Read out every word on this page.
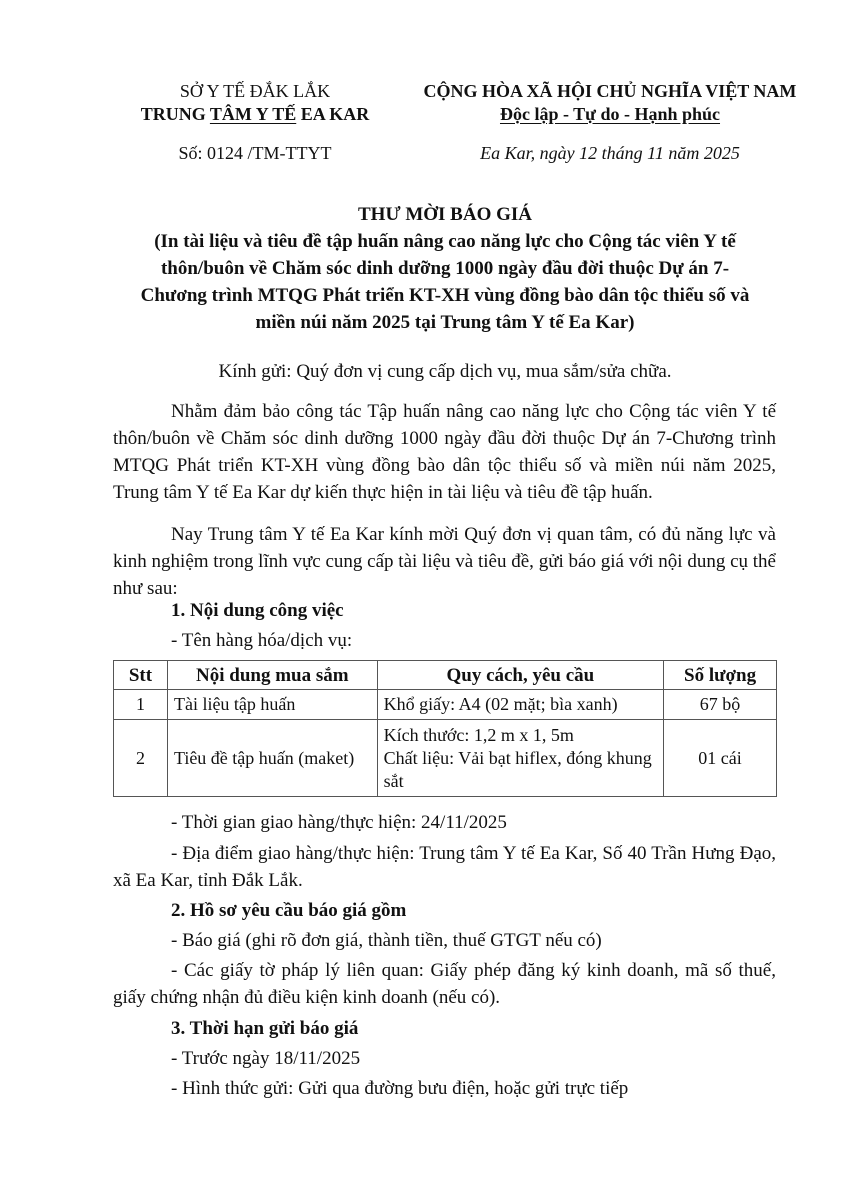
SỞ Y TẾ ĐẮK LẮK
TRUNG TÂM Y TẾ EA KAR
Số: 0124 /TM-TTYT
CỘNG HÒA XÃ HỘI CHỦ NGHĨA VIỆT NAM
Độc lập - Tự do - Hạnh phúc
Ea Kar, ngày 12 tháng 11 năm 2025
THƯ MỜI BÁO GIÁ
(In tài liệu và tiêu đề tập huấn nâng cao năng lực cho Cộng tác viên Y tế
thôn/buôn về Chăm sóc dinh dưỡng 1000 ngày đầu đời thuộc Dự án 7-
Chương trình MTQG Phát triển KT-XH vùng đồng bào dân tộc thiểu số và
miền núi năm 2025 tại Trung tâm Y tế Ea Kar)
Kính gửi: Quý đơn vị cung cấp dịch vụ, mua sắm/sửa chữa.
Nhằm đảm bảo công tác Tập huấn nâng cao năng lực cho Cộng tác viên Y tế thôn/buôn về Chăm sóc dinh dưỡng 1000 ngày đầu đời thuộc Dự án 7-Chương trình MTQG Phát triển KT-XH vùng đồng bào dân tộc thiểu số và miền núi năm 2025, Trung tâm Y tế Ea Kar dự kiến thực hiện in tài liệu và tiêu đề tập huấn.
Nay Trung tâm Y tế Ea Kar kính mời Quý đơn vị quan tâm, có đủ năng lực và kinh nghiệm trong lĩnh vực cung cấp tài liệu và tiêu đề, gửi báo giá với nội dung cụ thể như sau:
1. Nội dung công việc
- Tên hàng hóa/dịch vụ:
Stt	Nội dung mua sắm	Quy cách, yêu cầu	Số lượng
1	Tài liệu tập huấn	Khổ giấy: A4 (02 mặt; bìa xanh)	67 bộ
2	Tiêu đề tập huấn (maket)	Kích thước: 1,2 m x 1, 5m
Chất liệu: Vải bạt hiflex, đóng khung sắt	01 cái
- Thời gian giao hàng/thực hiện: 24/11/2025
- Địa điểm giao hàng/thực hiện: Trung tâm Y tế Ea Kar, Số 40 Trần Hưng Đạo, xã Ea Kar, tỉnh Đắk Lắk.
2. Hồ sơ yêu cầu báo giá gồm
- Báo giá (ghi rõ đơn giá, thành tiền, thuế GTGT nếu có)
- Các giấy tờ pháp lý liên quan: Giấy phép đăng ký kinh doanh, mã số thuế, giấy chứng nhận đủ điều kiện kinh doanh (nếu có).
3. Thời hạn gửi báo giá
- Trước ngày 18/11/2025
- Hình thức gửi: Gửi qua đường bưu điện, hoặc gửi trực tiếp
